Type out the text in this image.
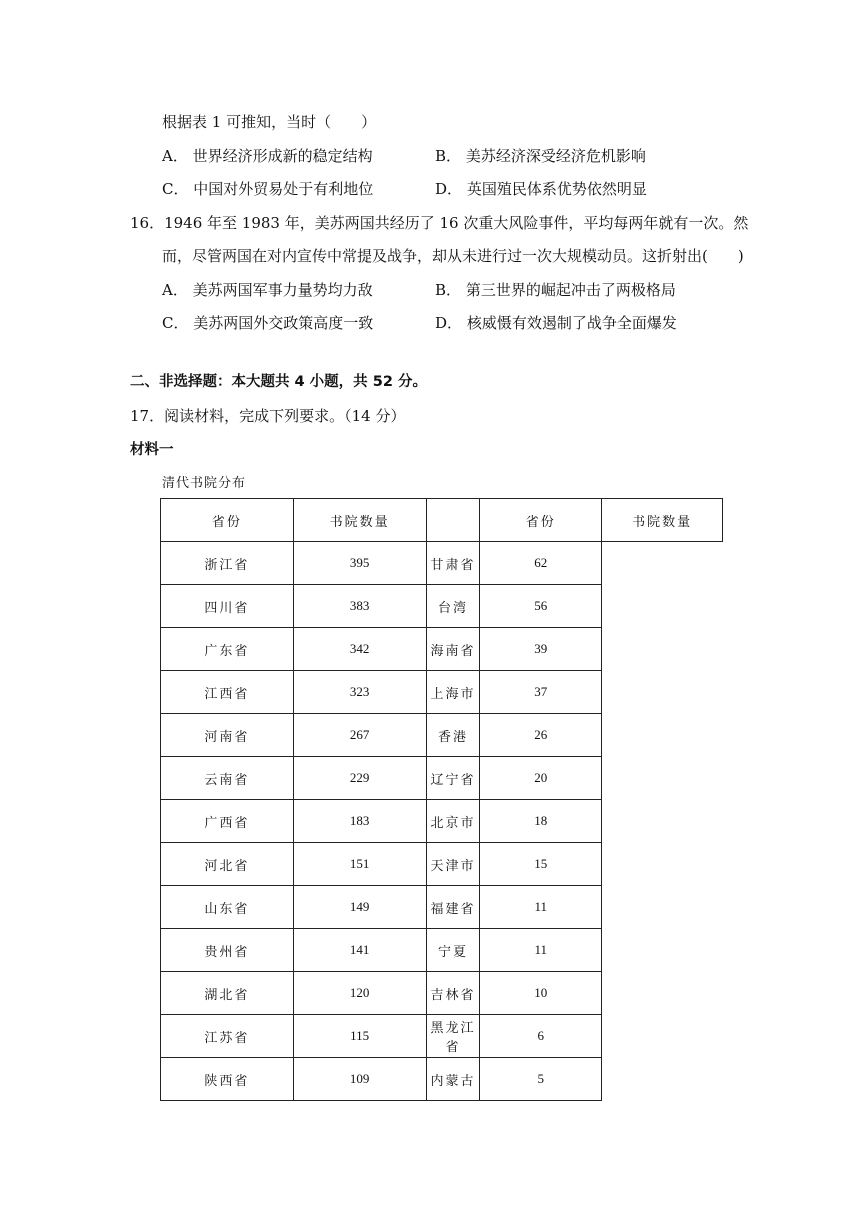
根据表 1 可推知，当时（　　）
A． 世界经济形成新的稳定结构	B． 美苏经济深受经济危机影响
C． 中国对外贸易处于有利地位	D． 英国殖民体系优势依然明显
16．1946 年至 1983 年，美苏两国共经历了 16 次重大风险事件，平均每两年就有一次。然
而，尽管两国在对内宣传中常提及战争，却从未进行过一次大规模动员。这折射出(　　)
A． 美苏两国军事力量势均力敌	B． 第三世界的崛起冲击了两极格局
C． 美苏两国外交政策高度一致	D． 核威慑有效遏制了战争全面爆发
二、非选择题：本大题共 4 小题，共 52 分。
17．阅读材料，完成下列要求。（14 分）
材料一
清代书院分布
省份	书院数量		省份	书院数量
浙江省	395	甘肃省	62	
四川省	383	台湾	56	
广东省	342	海南省	39	
江西省	323	上海市	37	
河南省	267	香港	26	
云南省	229	辽宁省	20	
广西省	183	北京市	18	
河北省	151	天津市	15	
山东省	149	福建省	11	
贵州省	141	宁夏	11	
湖北省	120	吉林省	10	
江苏省	115	黑龙江省	6	
陕西省	109	内蒙古	5	
